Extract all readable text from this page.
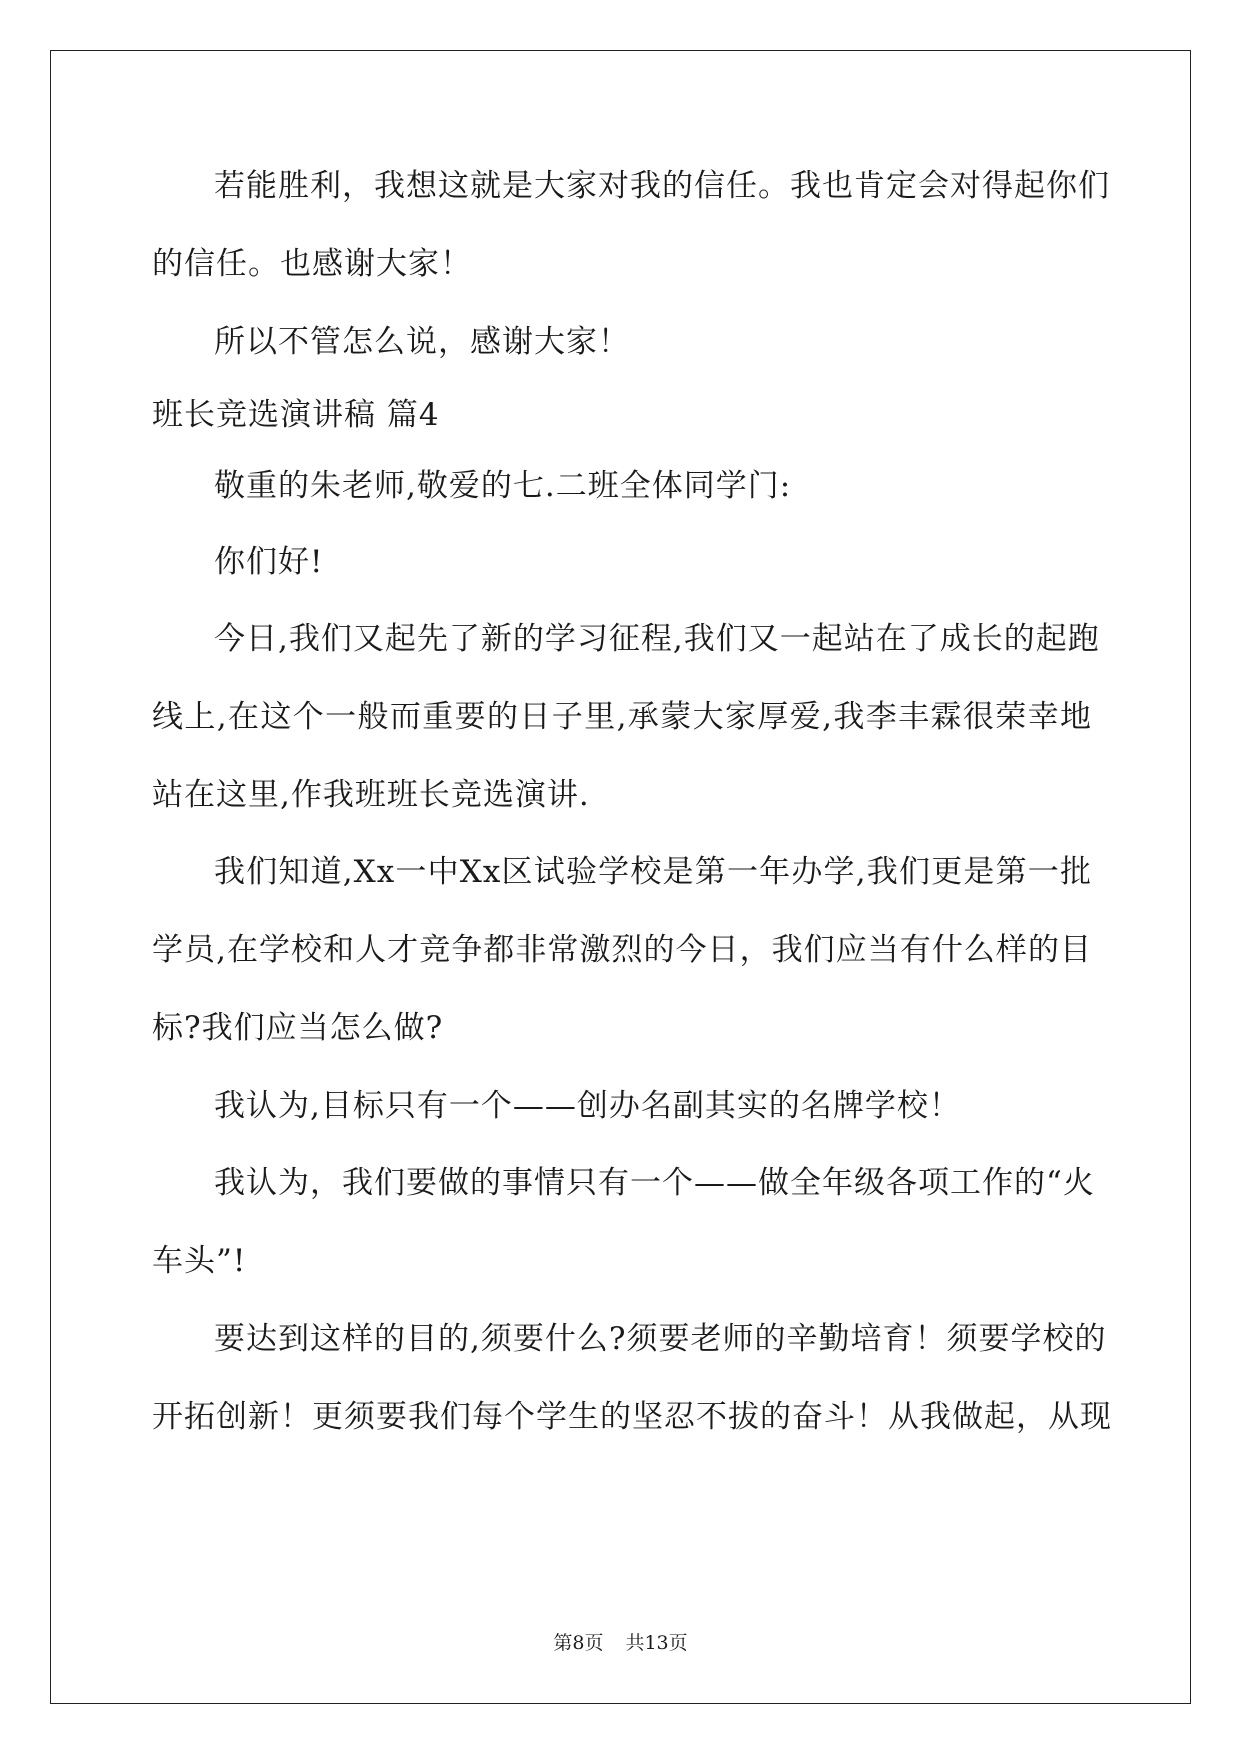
若能胜利，我想这就是大家对我的信任。我也肯定会对得起你们
的信任。也感谢大家！
所以不管怎么说，感谢大家！
班长竞选演讲稿 篇4
敬重的朱老师,敬爱的七.二班全体同学门:
你们好!
今日,我们又起先了新的学习征程,我们又一起站在了成长的起跑
线上,在这个一般而重要的日子里,承蒙大家厚爱,我李丰霖很荣幸地
站在这里,作我班班长竞选演讲.
我们知道,Xx一中Xx区试验学校是第一年办学,我们更是第一批
学员,在学校和人才竞争都非常激烈的今日，我们应当有什么样的目
标?我们应当怎么做?
我认为,目标只有一个——创办名副其实的名牌学校！
我认为，我们要做的事情只有一个——做全年级各项工作的“火
车头”!
要达到这样的目的,须要什么?须要老师的辛勤培育！须要学校的
开拓创新！更须要我们每个学生的坚忍不拔的奋斗！从我做起，从现
第8页 共13页
